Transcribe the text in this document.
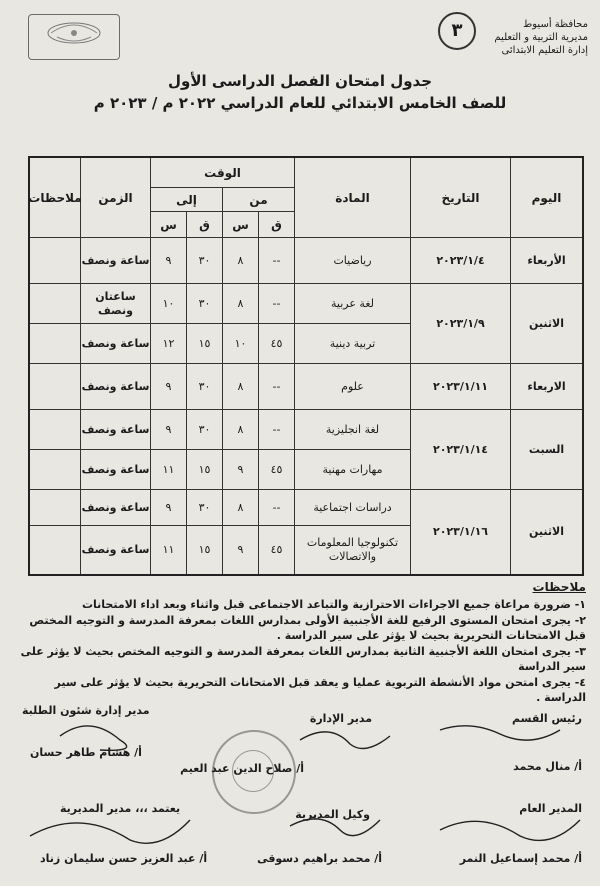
محافظة أسيوط
مديرية التربية و التعليم
إدارة التعليم الابتدائى
٣
جدول امتحان الفصل الدراسى الأول
للصف الخامس الابتدائي للعام الدراسي ٢٠٢٢ م / ٢٠٢٣ م
اليوم
التاريخ
المادة
الوقت
من
إلى
ق
س
ق
س
الزمن
ملاحظات
الأربعاء
٢٠٢٣/١/٤
الاثنين
٢٠٢٣/١/٩
الاربعاء
٢٠٢٣/١/١١
السبت
٢٠٢٣/١/١٤
الاثنين
٢٠٢٣/١/١٦
رياضيات
--
٨
٣٠
٩
ساعة ونصف
لغة عربية
--
٨
٣٠
١٠
ساعتان ونصف
تربية دينية
٤٥
١٠
١٥
١٢
ساعة ونصف
علوم
--
٨
٣٠
٩
ساعة ونصف
لغة انجليزية
--
٨
٣٠
٩
ساعة ونصف
مهارات مهنية
٤٥
٩
١٥
١١
ساعة ونصف
دراسات اجتماعية
--
٨
٣٠
٩
ساعة ونصف
تكنولوجيا المعلومات والاتصالات
٤٥
٩
١٥
١١
ساعة ونصف
ملاحظات
١- ضرورة مراعاة جميع الاجراءات الاحترازية والتباعد الاجتماعى قبل واثناء وبعد اداء الامتحانات
٢- يجرى امتحان المستوى الرفيع للغة الأجنبية الأولى بمدارس اللغات بمعرفة المدرسة و التوجيه المختص قبل الامتحانات التحريرية بحيث لا يؤثر على سير الدراسة .
٣- يجرى امتحان اللغة الأجنبية الثانية بمدارس اللغات بمعرفة المدرسة و التوجيه المختص بحيث لا يؤثر على سير الدراسة
٤- يجرى امتحن مواد الأنشطة التربوية عمليا و يعقد قبل الامتحانات التحريرية بحيث لا يؤثر على سير الدراسة .
رئيس القسم
مدير الإدارة
مدير إدارة شئون الطلبة
أ/ منال محمد
أ/ صلاح الدين عبد العيم
أ/ هشام طاهر حسان
المدير العام
وكيل المديرية
يعتمد ،،، مدير المديرية
أ/ محمد إسماعيل النمر
أ/ محمد براهيم دسوقى
أ/ عبد العزيز حسن سليمان زناد
